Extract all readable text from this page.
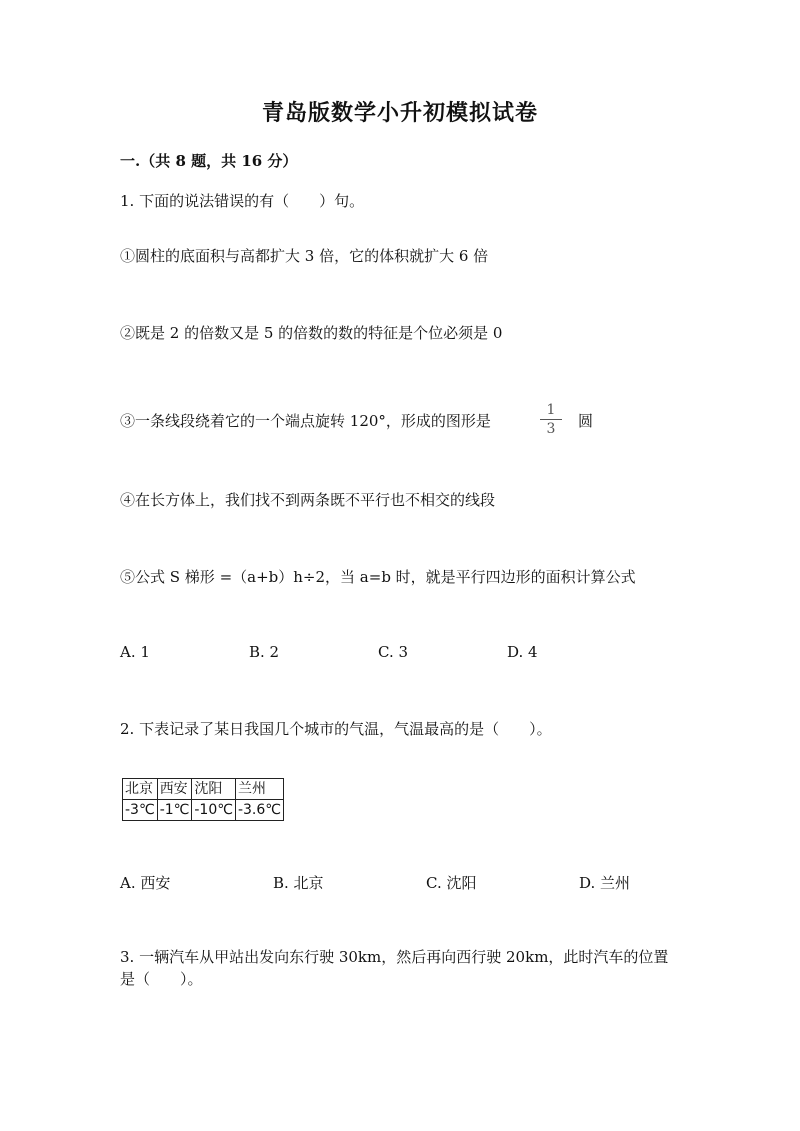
青岛版数学小升初模拟试卷
一.（共 8 题，共 16 分）
1. 下面的说法错误的有（　　）句。
①圆柱的底面积与高都扩大 3 倍，它的体积就扩大 6 倍
②既是 2 的倍数又是 5 的倍数的数的特征是个位必须是 0
③一条线段绕着它的一个端点旋转 120°，形成的图形是
1
3	圆
④在长方体上，我们找不到两条既不平行也不相交的线段
⑤公式 S 梯形 =（a+b）h÷2，当 a=b 时，就是平行四边形的面积计算公式
A. 1	B. 2	C. 3	D. 4
2. 下表记录了某日我国几个城市的气温，气温最高的是（　　）。
北京	西安	沈阳	兰州
-3℃	-1℃	-10℃	-3.6℃
A. 西安	B. 北京	C. 沈阳	D. 兰州
3. 一辆汽车从甲站出发向东行驶 30km，然后再向西行驶 20km，此时汽车的位置
是（　　）。
